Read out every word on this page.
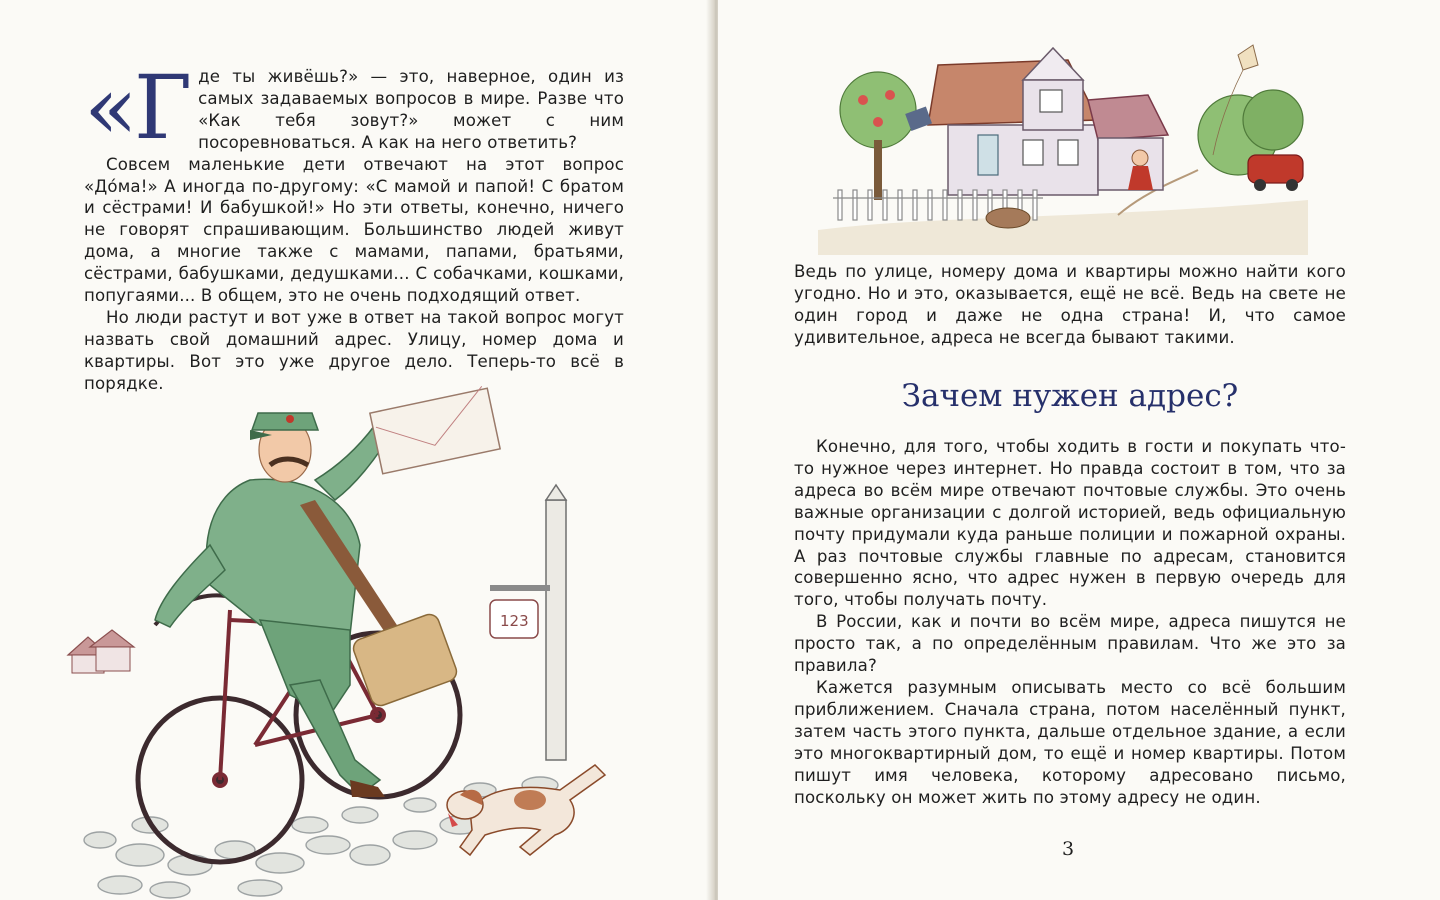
«Г де ты живёшь?» — это, наверное, один из самых задаваемых вопросов в мире. Разве что «Как тебя зовут?» может с ним посоревноваться. А как на него ответить?

Совсем маленькие дети отвечают на этот вопрос «До́ма!» А иногда по-другому: «С мамой и папой! С братом и сёстрами! И бабушкой!» Но эти ответы, конечно, ничего не говорят спрашивающим. Большинство людей живут дома, а многие также с мамами, папами, братьями, сёстрами, бабушками, дедушками... С собачками, кошками, попугаями... В общем, это не очень подходящий ответ.

Но люди растут и вот уже в ответ на такой вопрос могут назвать свой домашний адрес. Улицу, номер дома и квартиры. Вот это уже другое дело. Теперь-то всё в порядке.

123

Ведь по улице, номеру дома и квартиры можно найти кого угодно. Но и это, оказывается, ещё не всё. Ведь на свете не один город и даже не одна страна! И, что самое удивительное, адреса не всегда бывают такими.

Зачем нужен адрес?

Конечно, для того, чтобы ходить в гости и покупать что-то нужное через интернет. Но правда состоит в том, что за адреса во всём мире отвечают почтовые службы. Это очень важные организации с долгой историей, ведь официальную почту придумали куда раньше полиции и пожарной охраны. А раз почтовые службы главные по адресам, становится совершенно ясно, что адрес нужен в первую очередь для того, чтобы получать почту.

В России, как и почти во всём мире, адреса пишутся не просто так, а по определённым правилам. Что же это за правила?

Кажется разумным описывать место со всё большим приближением. Сначала страна, потом населённый пункт, затем часть этого пункта, дальше отдельное здание, а если это многоквартирный дом, то ещё и номер квартиры. Потом пишут имя человека, которому адресовано письмо, поскольку он может жить по этому адресу не один.

3
